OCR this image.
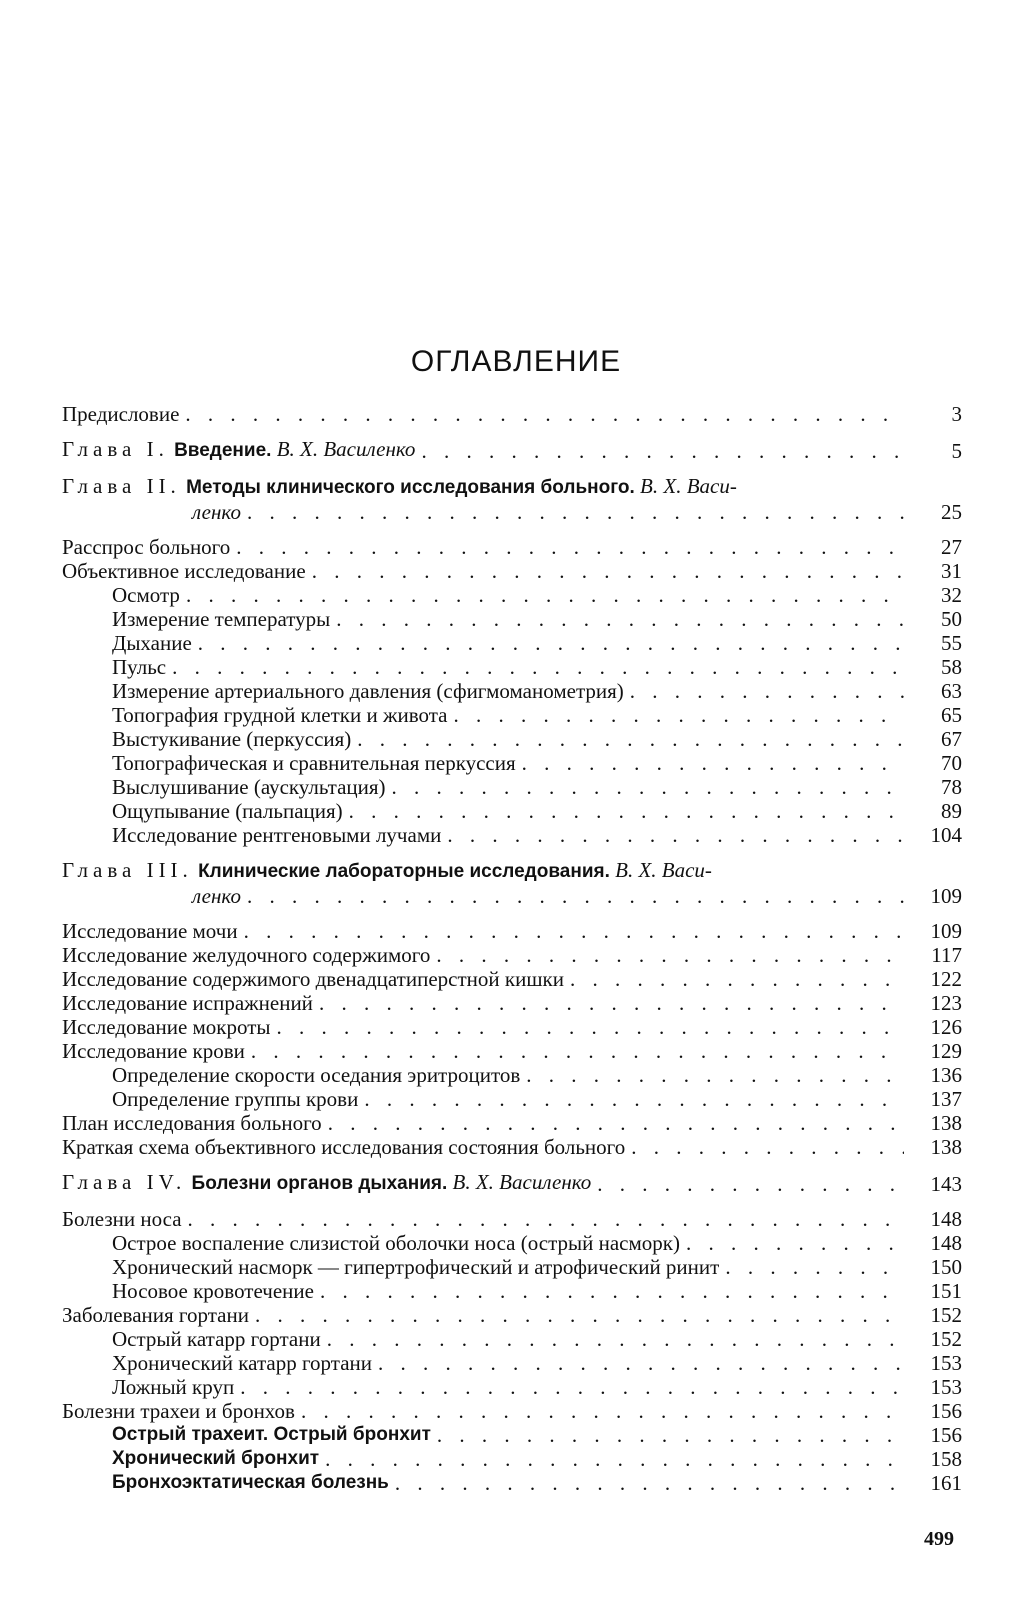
ОГЛАВЛЕНИЕ
Предисловие . . .	3
Глава I. Введение. В. Х. Василенко . . .	5
Глава II. Методы клинического исследования больного. В. Х. Васи-
ленко . . .	25
Расспрос больного . . .	27
Объективное исследование . . .	31
Осмотр . . .	32
Измерение температуры . . .	50
Дыхание . . .	55
Пульс . . .	58
Измерение артериального давления (сфигмоманометрия) . . .	63
Топография грудной клетки и живота . . .	65
Выстукивание (перкуссия) . . .	67
Топографическая и сравнительная перкуссия . . .	70
Выслушивание (аускультация) . . .	78
Ощупывание (пальпация) . . .	89
Исследование рентгеновыми лучами . . .	104
Глава III. Клинические лабораторные исследования. В. Х. Васи-
ленко . . .	109
Исследование мочи . . .	109
Исследование желудочного содержимого . . .	117
Исследование содержимого двенадцатиперстной кишки . . .	122
Исследование испражнений . . .	123
Исследование мокроты . . .	126
Исследование крови . . .	129
Определение скорости оседания эритроцитов . . .	136
Определение группы крови . . .	137
План исследования больного . . .	138
Краткая схема объективного исследования состояния больного . . .	138
Глава IV. Болезни органов дыхания. В. Х. Василенко . . .	143
Болезни носа . . .	148
Острое воспаление слизистой оболочки носа (острый насморк) . . .	148
Хронический насморк — гипертрофический и атрофический ринит . . .	150
Носовое кровотечение . . .	151
Заболевания гортани . . .	152
Острый катарр гортани . . .	152
Хронический катарр гортани . . .	153
Ложный круп . . .	153
Болезни трахеи и бронхов . . .	156
Острый трахеит. Острый бронхит . . .	156
Хронический бронхит . . .	158
Бронхоэктатическая болезнь . . .	161
499
